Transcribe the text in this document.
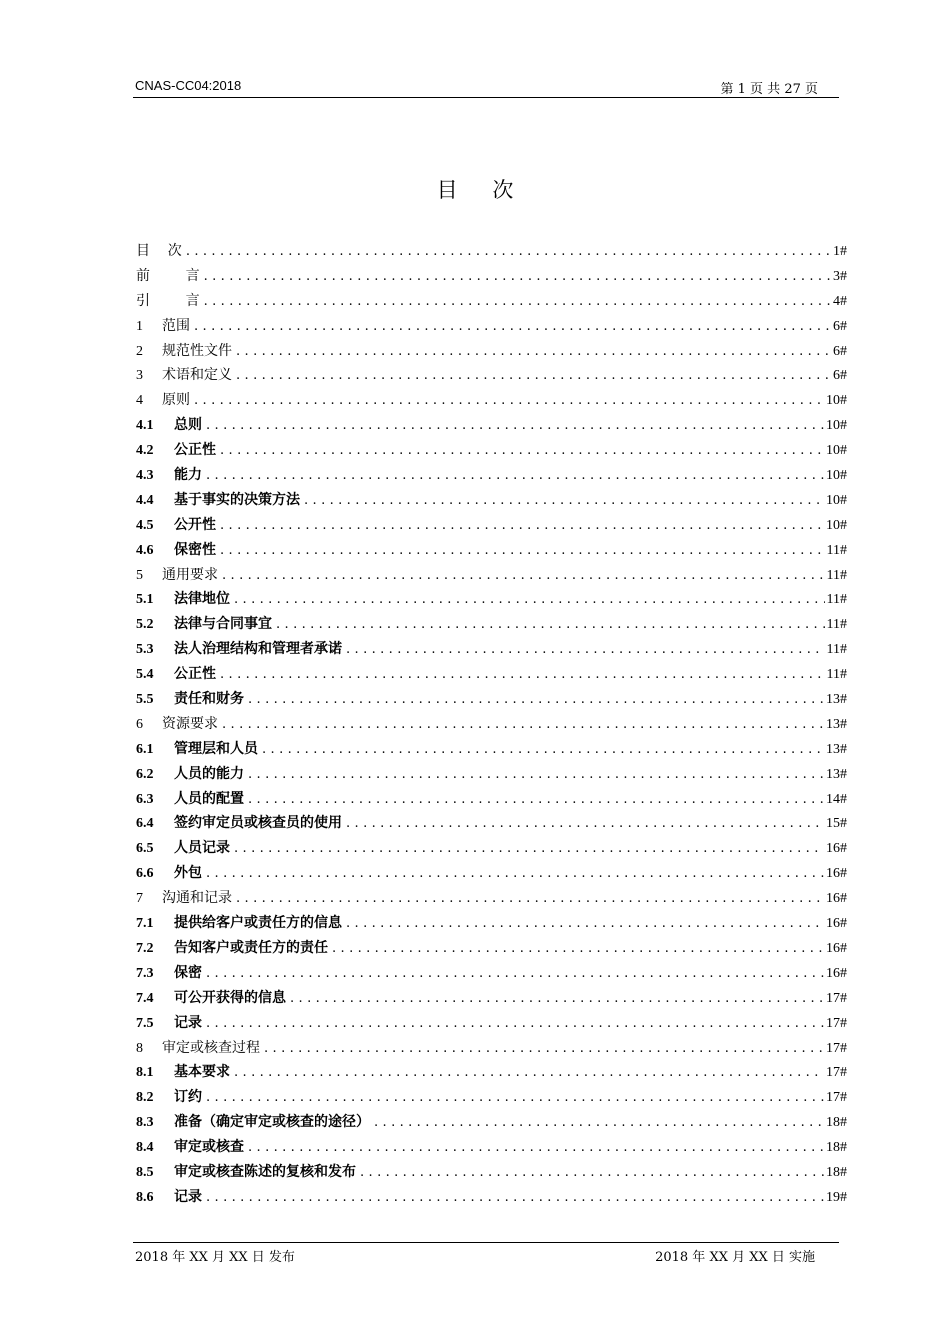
CNAS-CC04:2018	第 1 页 共 27 页
目 次
目    次 .....	1#
前        言 .....	3#
引        言 .....	4#
1	范围 .....	6#
2	规范性文件 .....	6#
3	术语和定义 .....	6#
4	原则 .....	10#
4.1	总则 .....	10#
4.2	公正性 .....	10#
4.3	能力 .....	10#
4.4	基于事实的决策方法 .....	10#
4.5	公开性 .....	10#
4.6	保密性 .....	11#
5	通用要求 .....	11#
5.1	法律地位 .....	11#
5.2	法律与合同事宜 .....	11#
5.3	法人治理结构和管理者承诺 .....	11#
5.4	公正性 .....	11#
5.5	责任和财务 .....	13#
6	资源要求 .....	13#
6.1	管理层和人员 .....	13#
6.2	人员的能力 .....	13#
6.3	人员的配置 .....	14#
6.4	签约审定员或核查员的使用 .....	15#
6.5	人员记录 .....	16#
6.6	外包 .....	16#
7	沟通和记录 .....	16#
7.1	提供给客户或责任方的信息 .....	16#
7.2	告知客户或责任方的责任 .....	16#
7.3	保密 .....	16#
7.4	可公开获得的信息 .....	17#
7.5	记录 .....	17#
8	审定或核查过程 .....	17#
8.1	基本要求 .....	17#
8.2	订约 .....	17#
8.3	准备（确定审定或核查的途径） .....	18#
8.4	审定或核查 .....	18#
8.5	审定或核查陈述的复核和发布 .....	18#
8.6	记录 .....	19#
2018 年 XX 月 XX 日 发布	2018 年 XX 月 XX 日 实施
